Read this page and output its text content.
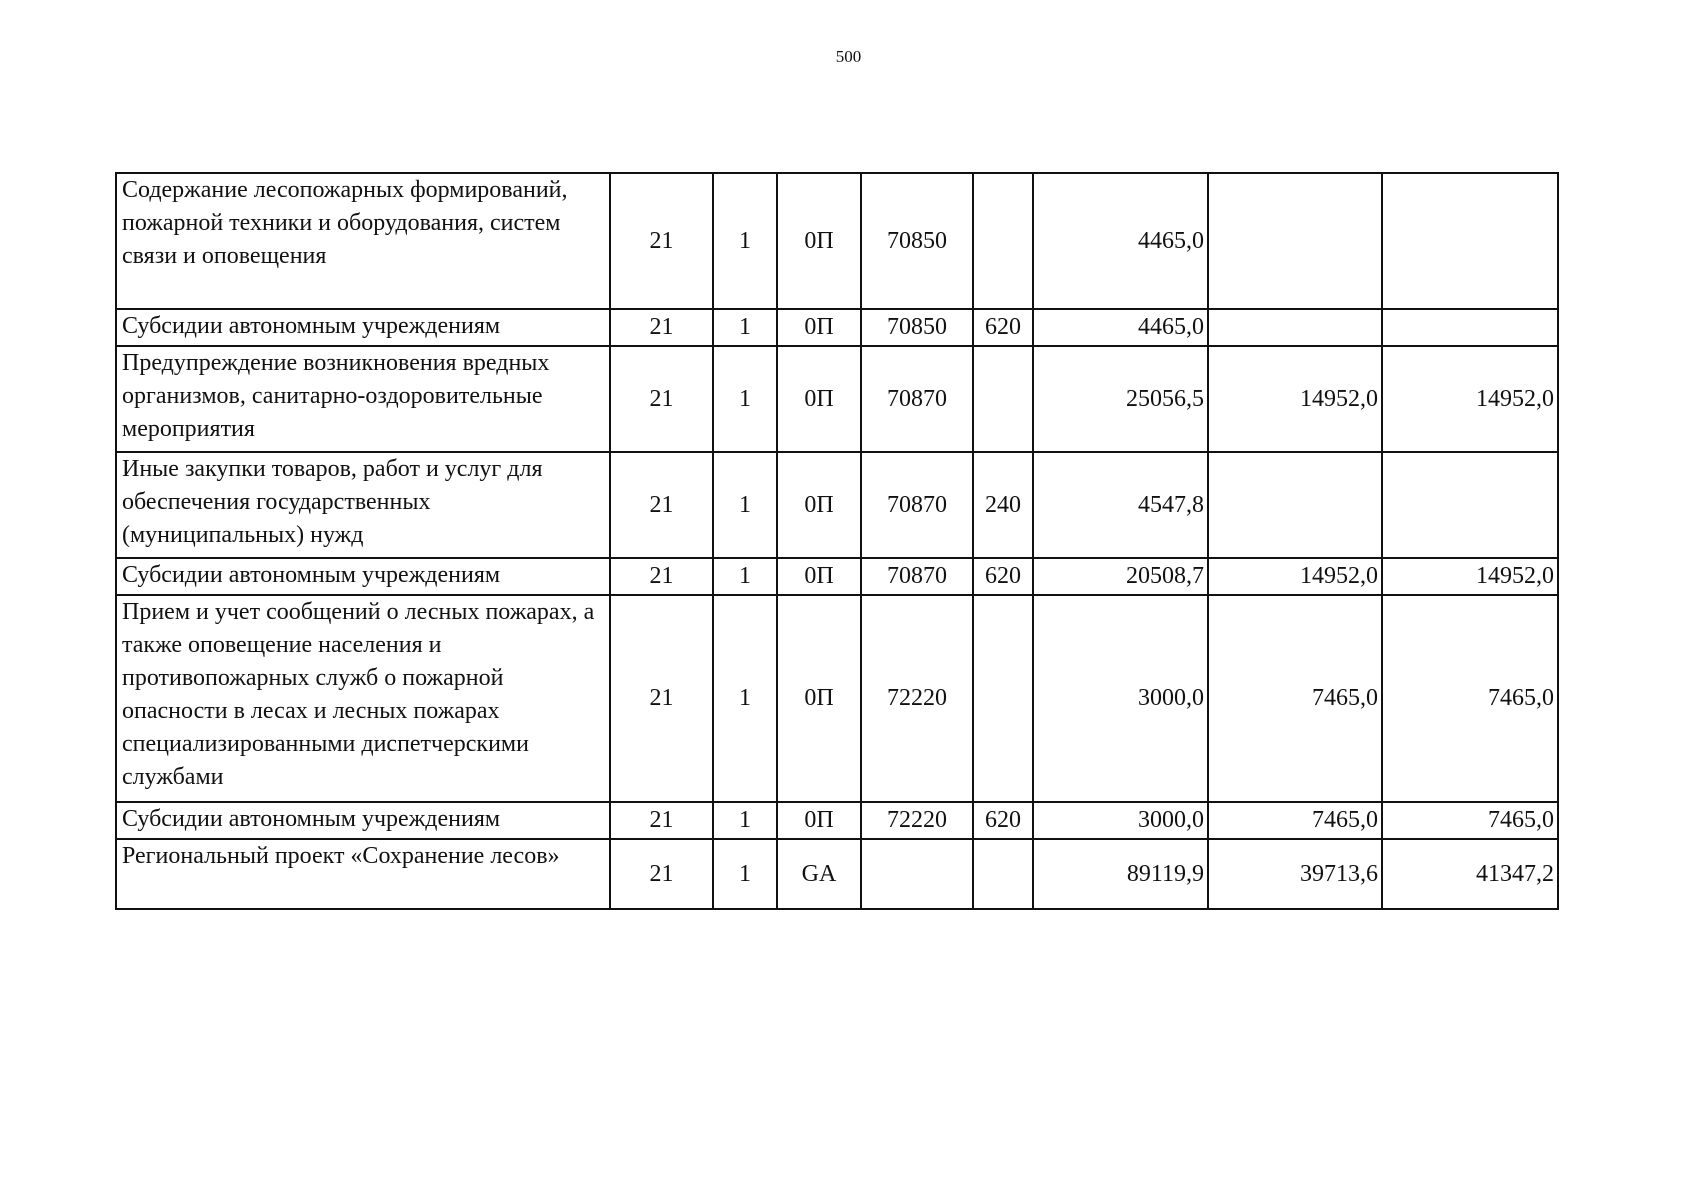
500
Содержание лесопожарных формирований, пожарной техники и оборудования, систем связи и оповещения	21	1	0П	70850		4465,0		
Субсидии автономным учреждениям	21	1	0П	70850	620	4465,0		
Предупреждение возникновения вредных организмов, санитарно-оздоровительные мероприятия	21	1	0П	70870		25056,5	14952,0	14952,0
Иные закупки товаров, работ и услуг для обеспечения государственных (муниципальных) нужд	21	1	0П	70870	240	4547,8		
Субсидии автономным учреждениям	21	1	0П	70870	620	20508,7	14952,0	14952,0
Прием и учет сообщений о лесных пожарах, а также оповещение населения и противопожарных служб о пожарной опасности в лесах и лесных пожарах специализированными диспетчерскими службами	21	1	0П	72220		3000,0	7465,0	7465,0
Субсидии автономным учреждениям	21	1	0П	72220	620	3000,0	7465,0	7465,0
Региональный проект «Сохранение лесов»	21	1	GA			89119,9	39713,6	41347,2
